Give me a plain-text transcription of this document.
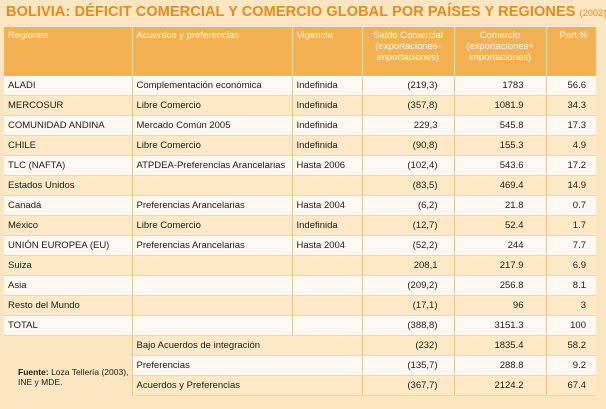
BOLIVIA: DÉFICIT COMERCIAL Y COMERCIO GLOBAL POR PAÍSES Y REGIONES (2002)
Regiones	Acuerdos y preferencias	Vigencia	Saldo Comercial (exportaciones-importaciones)	Comercio (exportaciones+ importaciones)	Part.%
ALADI	Complementación económica	Indefinida	(219,3)	1783	56.6
MERCOSUR	Libre Comercio	Indefinida	(357,8)	1081.9	34.3
COMUNIDAD ANDINA	Mercado Común 2005	Indefinida	229,3	545.8	17.3
CHILE	Libre Comercio	Indefinida	(90,8)	155.3	4.9
TLC (NAFTA)	ATPDEA-Preferencias Arancelarias	Hasta 2006	(102,4)	543.6	17.2
Estados Unidos			(83,5)	469.4	14.9
Canadá	Preferencias Arancelarias	Hasta 2004	(6,2)	21.8	0.7
México	Libre Comercio	Indefinida	(12,7)	52.4	1.7
UNIÓN EUROPEA (EU)	Preferencias Arancelarias	Hasta 2004	(52,2)	244	7.7
Suiza			208,1	217.9	6.9
Asia			(209,2)	256.8	8.1
Resto del Mundo			(17,1)	96	3
TOTAL			(388,8)	3151.3	100
	Bajo Acuerdos de integración		(232)	1835.4	58.2
	Preferencias		(135,7)	288.8	9.2
	Acuerdos y Preferencias		(367,7)	2124.2	67.4
Fuente: Loza Tellería (2003), INE y MDE.
